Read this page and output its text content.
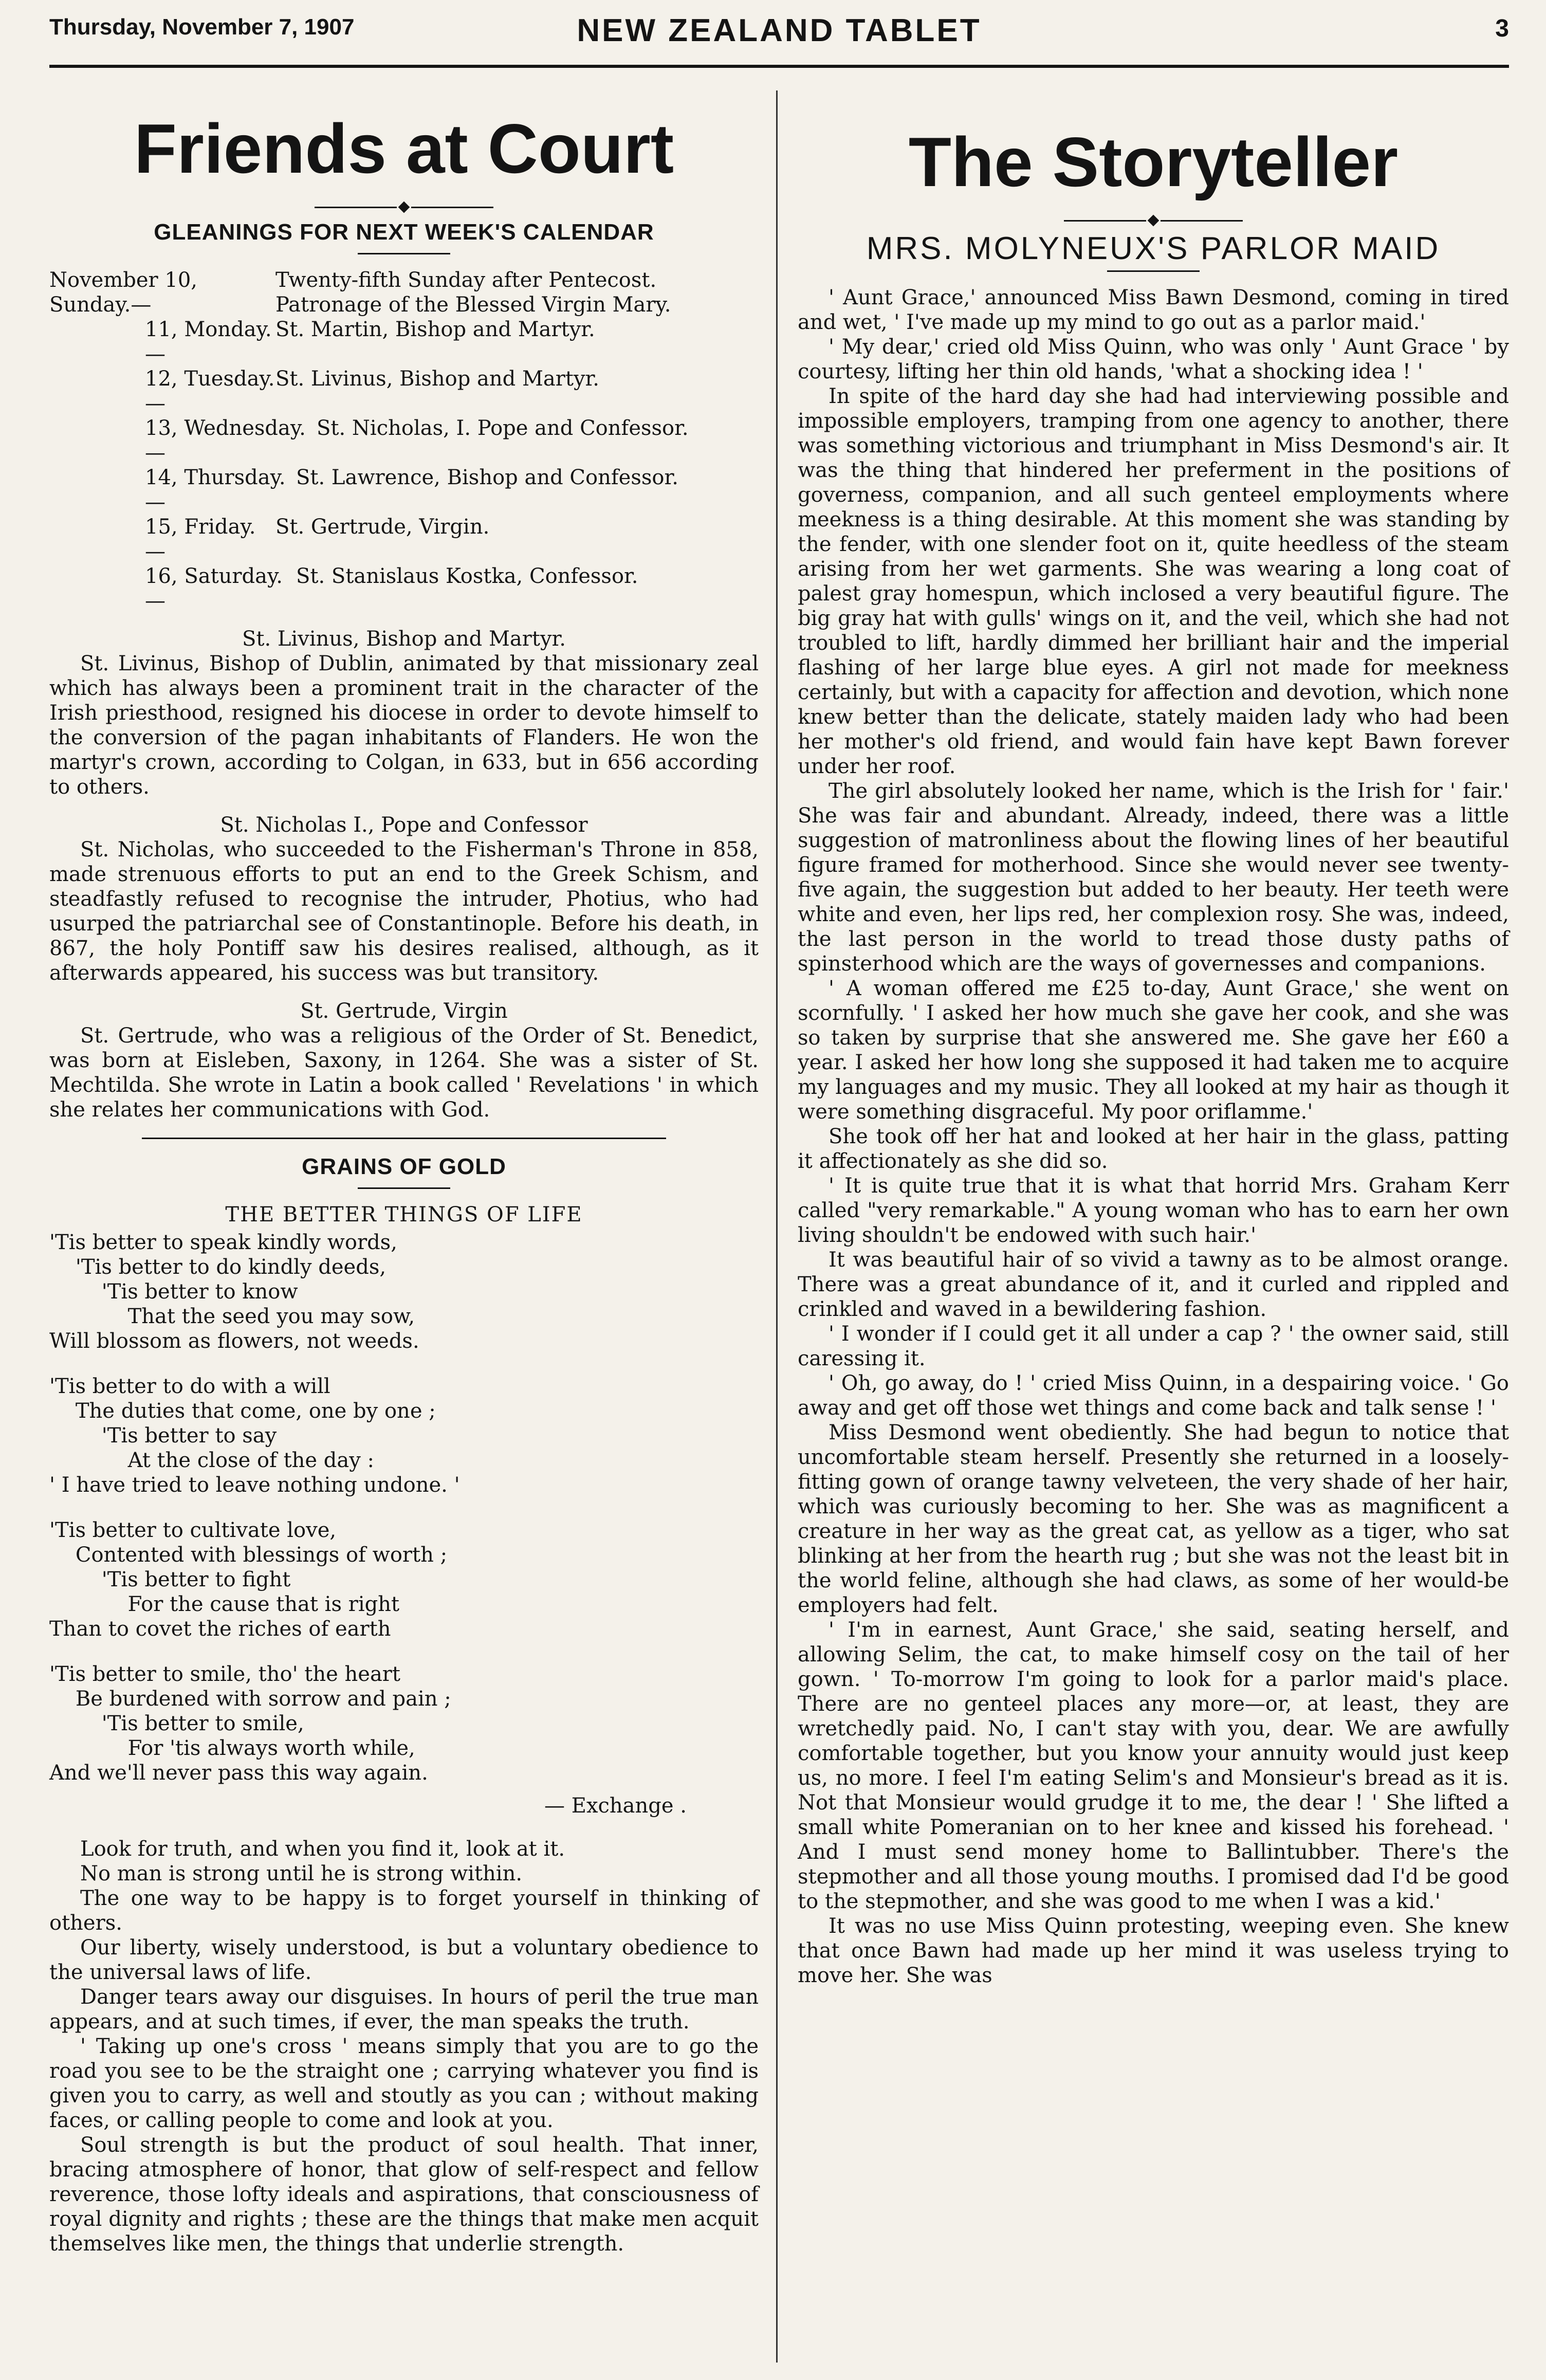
Thursday, November 7, 1907	NEW ZEALAND TABLET	3
Friends at Court
GLEANINGS FOR NEXT WEEK'S CALENDAR
November 10, Sunday.—
Twenty-fifth Sunday after Pentecost. Patronage of the Blessed Virgin Mary.
11, Monday.—
St. Martin, Bishop and Martyr.
12, Tuesday.—
St. Livinus, Bishop and Martyr.
13, Wednesday.—
St. Nicholas, I. Pope and Confessor.
14, Thursday.—
St. Lawrence, Bishop and Confessor.
15, Friday.—
St. Gertrude, Virgin.
16, Saturday.—
St. Stanislaus Kostka, Confessor.
St. Livinus, Bishop and Martyr.

St. Livinus, Bishop of Dublin, animated by that missionary zeal which has always been a prominent trait in the character of the Irish priesthood, resigned his diocese in order to devote himself to the conversion of the pagan inhabitants of Flanders. He won the martyr's crown, according to Colgan, in 633, but in 656 according to others.

St. Nicholas I., Pope and Confessor

St. Nicholas, who succeeded to the Fisherman's Throne in 858, made strenuous efforts to put an end to the Greek Schism, and steadfastly refused to recognise the intruder, Photius, who had usurped the patriarchal see of Constantinople. Before his death, in 867, the holy Pontiff saw his desires realised, although, as it afterwards appeared, his success was but transitory.

St. Gertrude, Virgin

St. Gertrude, who was a religious of the Order of St. Benedict, was born at Eisleben, Saxony, in 1264. She was a sister of St. Mechtilda. She wrote in Latin a book called ' Revelations ' in which she relates her communications with God.

GRAINS OF GOLD
THE BETTER THINGS OF LIFE
'Tis better to speak kindly words,
'Tis better to do kindly deeds,
'Tis better to know
That the seed you may sow,
Will blossom as flowers, not weeds.
'Tis better to do with a will
The duties that come, one by one ;
'Tis better to say
At the close of the day :
' I have tried to leave nothing undone. '
'Tis better to cultivate love,
Contented with blessings of worth ;
'Tis better to fight
For the cause that is right
Than to covet the riches of earth
'Tis better to smile, tho' the heart
Be burdened with sorrow and pain ;
'Tis better to smile,
For 'tis always worth while,
And we'll never pass this way again.
— Exchange .

Look for truth, and when you find it, look at it.

No man is strong until he is strong within.

The one way to be happy is to forget yourself in thinking of others.

Our liberty, wisely understood, is but a voluntary obedience to the universal laws of life.

Danger tears away our disguises. In hours of peril the true man appears, and at such times, if ever, the man speaks the truth.

' Taking up one's cross ' means simply that you are to go the road you see to be the straight one ; carrying whatever you find is given you to carry, as well and stoutly as you can ; without making faces, or calling people to come and look at you.

Soul strength is but the product of soul health. That inner, bracing atmosphere of honor, that glow of self-respect and fellow reverence, those lofty ideals and aspirations, that consciousness of royal dignity and rights ; these are the things that make men acquit themselves like men, the things that underlie strength.

The Storyteller
MRS. MOLYNEUX'S PARLOR MAID

' Aunt Grace,' announced Miss Bawn Desmond, coming in tired and wet, ' I've made up my mind to go out as a parlor maid.'

' My dear,' cried old Miss Quinn, who was only ' Aunt Grace ' by courtesy, lifting her thin old hands, 'what a shocking idea ! '

In spite of the hard day she had had interviewing possible and impossible employers, tramping from one agency to another, there was something victorious and triumphant in Miss Desmond's air. It was the thing that hindered her preferment in the positions of governess, companion, and all such genteel employments where meekness is a thing desirable. At this moment she was standing by the fender, with one slender foot on it, quite heedless of the steam arising from her wet garments. She was wearing a long coat of palest gray homespun, which inclosed a very beautiful figure. The big gray hat with gulls' wings on it, and the veil, which she had not troubled to lift, hardly dimmed her brilliant hair and the imperial flashing of her large blue eyes. A girl not made for meekness certainly, but with a capacity for affection and devotion, which none knew better than the delicate, stately maiden lady who had been her mother's old friend, and would fain have kept Bawn forever under her roof.

The girl absolutely looked her name, which is the Irish for ' fair.' She was fair and abundant. Already, indeed, there was a little suggestion of matronliness about the flowing lines of her beautiful figure framed for motherhood. Since she would never see twenty-five again, the suggestion but added to her beauty. Her teeth were white and even, her lips red, her complexion rosy. She was, indeed, the last person in the world to tread those dusty paths of spinsterhood which are the ways of governesses and companions.

' A woman offered me £25 to-day, Aunt Grace,' she went on scornfully. ' I asked her how much she gave her cook, and she was so taken by surprise that she answered me. She gave her £60 a year. I asked her how long she supposed it had taken me to acquire my languages and my music. They all looked at my hair as though it were something disgraceful. My poor oriflamme.'

She took off her hat and looked at her hair in the glass, patting it affectionately as she did so.

' It is quite true that it is what that horrid Mrs. Graham Kerr called "very remarkable." A young woman who has to earn her own living shouldn't be endowed with such hair.'

It was beautiful hair of so vivid a tawny as to be almost orange. There was a great abundance of it, and it curled and rippled and crinkled and waved in a bewildering fashion.

' I wonder if I could get it all under a cap ? ' the owner said, still caressing it.

' Oh, go away, do ! ' cried Miss Quinn, in a despairing voice. ' Go away and get off those wet things and come back and talk sense ! '

Miss Desmond went obediently. She had begun to notice that uncomfortable steam herself. Presently she returned in a loosely-fitting gown of orange tawny velveteen, the very shade of her hair, which was curiously becoming to her. She was as magnificent a creature in her way as the great cat, as yellow as a tiger, who sat blinking at her from the hearth rug ; but she was not the least bit in the world feline, although she had claws, as some of her would-be employers had felt.

' I'm in earnest, Aunt Grace,' she said, seating herself, and allowing Selim, the cat, to make himself cosy on the tail of her gown. ' To-morrow I'm going to look for a parlor maid's place. There are no genteel places any more—or, at least, they are wretchedly paid. No, I can't stay with you, dear. We are awfully comfortable together, but you know your annuity would just keep us, no more. I feel I'm eating Selim's and Monsieur's bread as it is. Not that Monsieur would grudge it to me, the dear ! ' She lifted a small white Pomeranian on to her knee and kissed his forehead. ' And I must send money home to Ballintubber. There's the stepmother and all those young mouths. I promised dad I'd be good to the stepmother, and she was good to me when I was a kid.'

It was no use Miss Quinn protesting, weeping even. She knew that once Bawn had made up her mind it was useless trying to move her. She was
